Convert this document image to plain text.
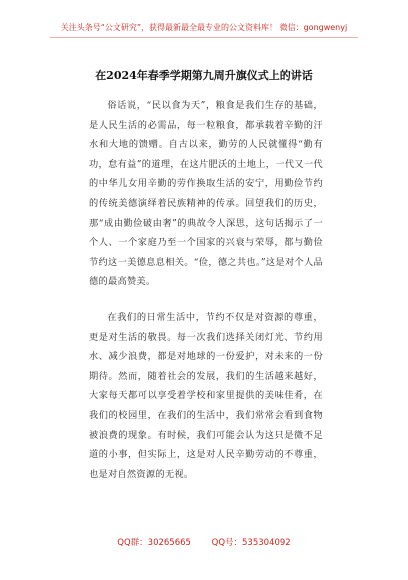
关注头条号“公文研究”，获得最新最全最专业的公文资料库！ 微信：gongwenyj
在2024年春季学期第九周升旗仪式上的讲话

俗话说，“民以食为天”，粮食是我们生存的基础，是人民生活的必需品，每一粒粮食，都承载着辛勤的汗水和大地的馈赠。自古以来，勤劳的人民就懂得“勤有功，怠有益”的道理，在这片肥沃的土地上，一代又一代的中华儿女用辛勤的劳作换取生活的安宁，用勤俭节约的传统美德演绎着民族精神的传承。回望我们的历史，那“成由勤俭破由奢”的典故令人深思，这句话揭示了一个人、一个家庭乃至一个国家的兴衰与荣辱，都与勤俭节约这一美德息息相关。“俭，德之共也。”这是对个人品德的最高赞美。

在我们的日常生活中，节约不仅是对资源的尊重，更是对生活的敬畏。每一次我们选择关闭灯光、节约用水、减少浪费，都是对地球的一份爱护，对未来的一份期待。然而，随着社会的发展，我们的生活越来越好，大家每天都可以享受着学校和家里提供的美味佳肴，在我们的校园里，在我们的生活中，我们常常会看到食物被浪费的现象。有时候，我们可能会认为这只是微不足道的小事，但实际上，这是对人民辛勤劳动的不尊重，也是对自然资源的无视。

QQ群：30265665 QQ号：535304092
